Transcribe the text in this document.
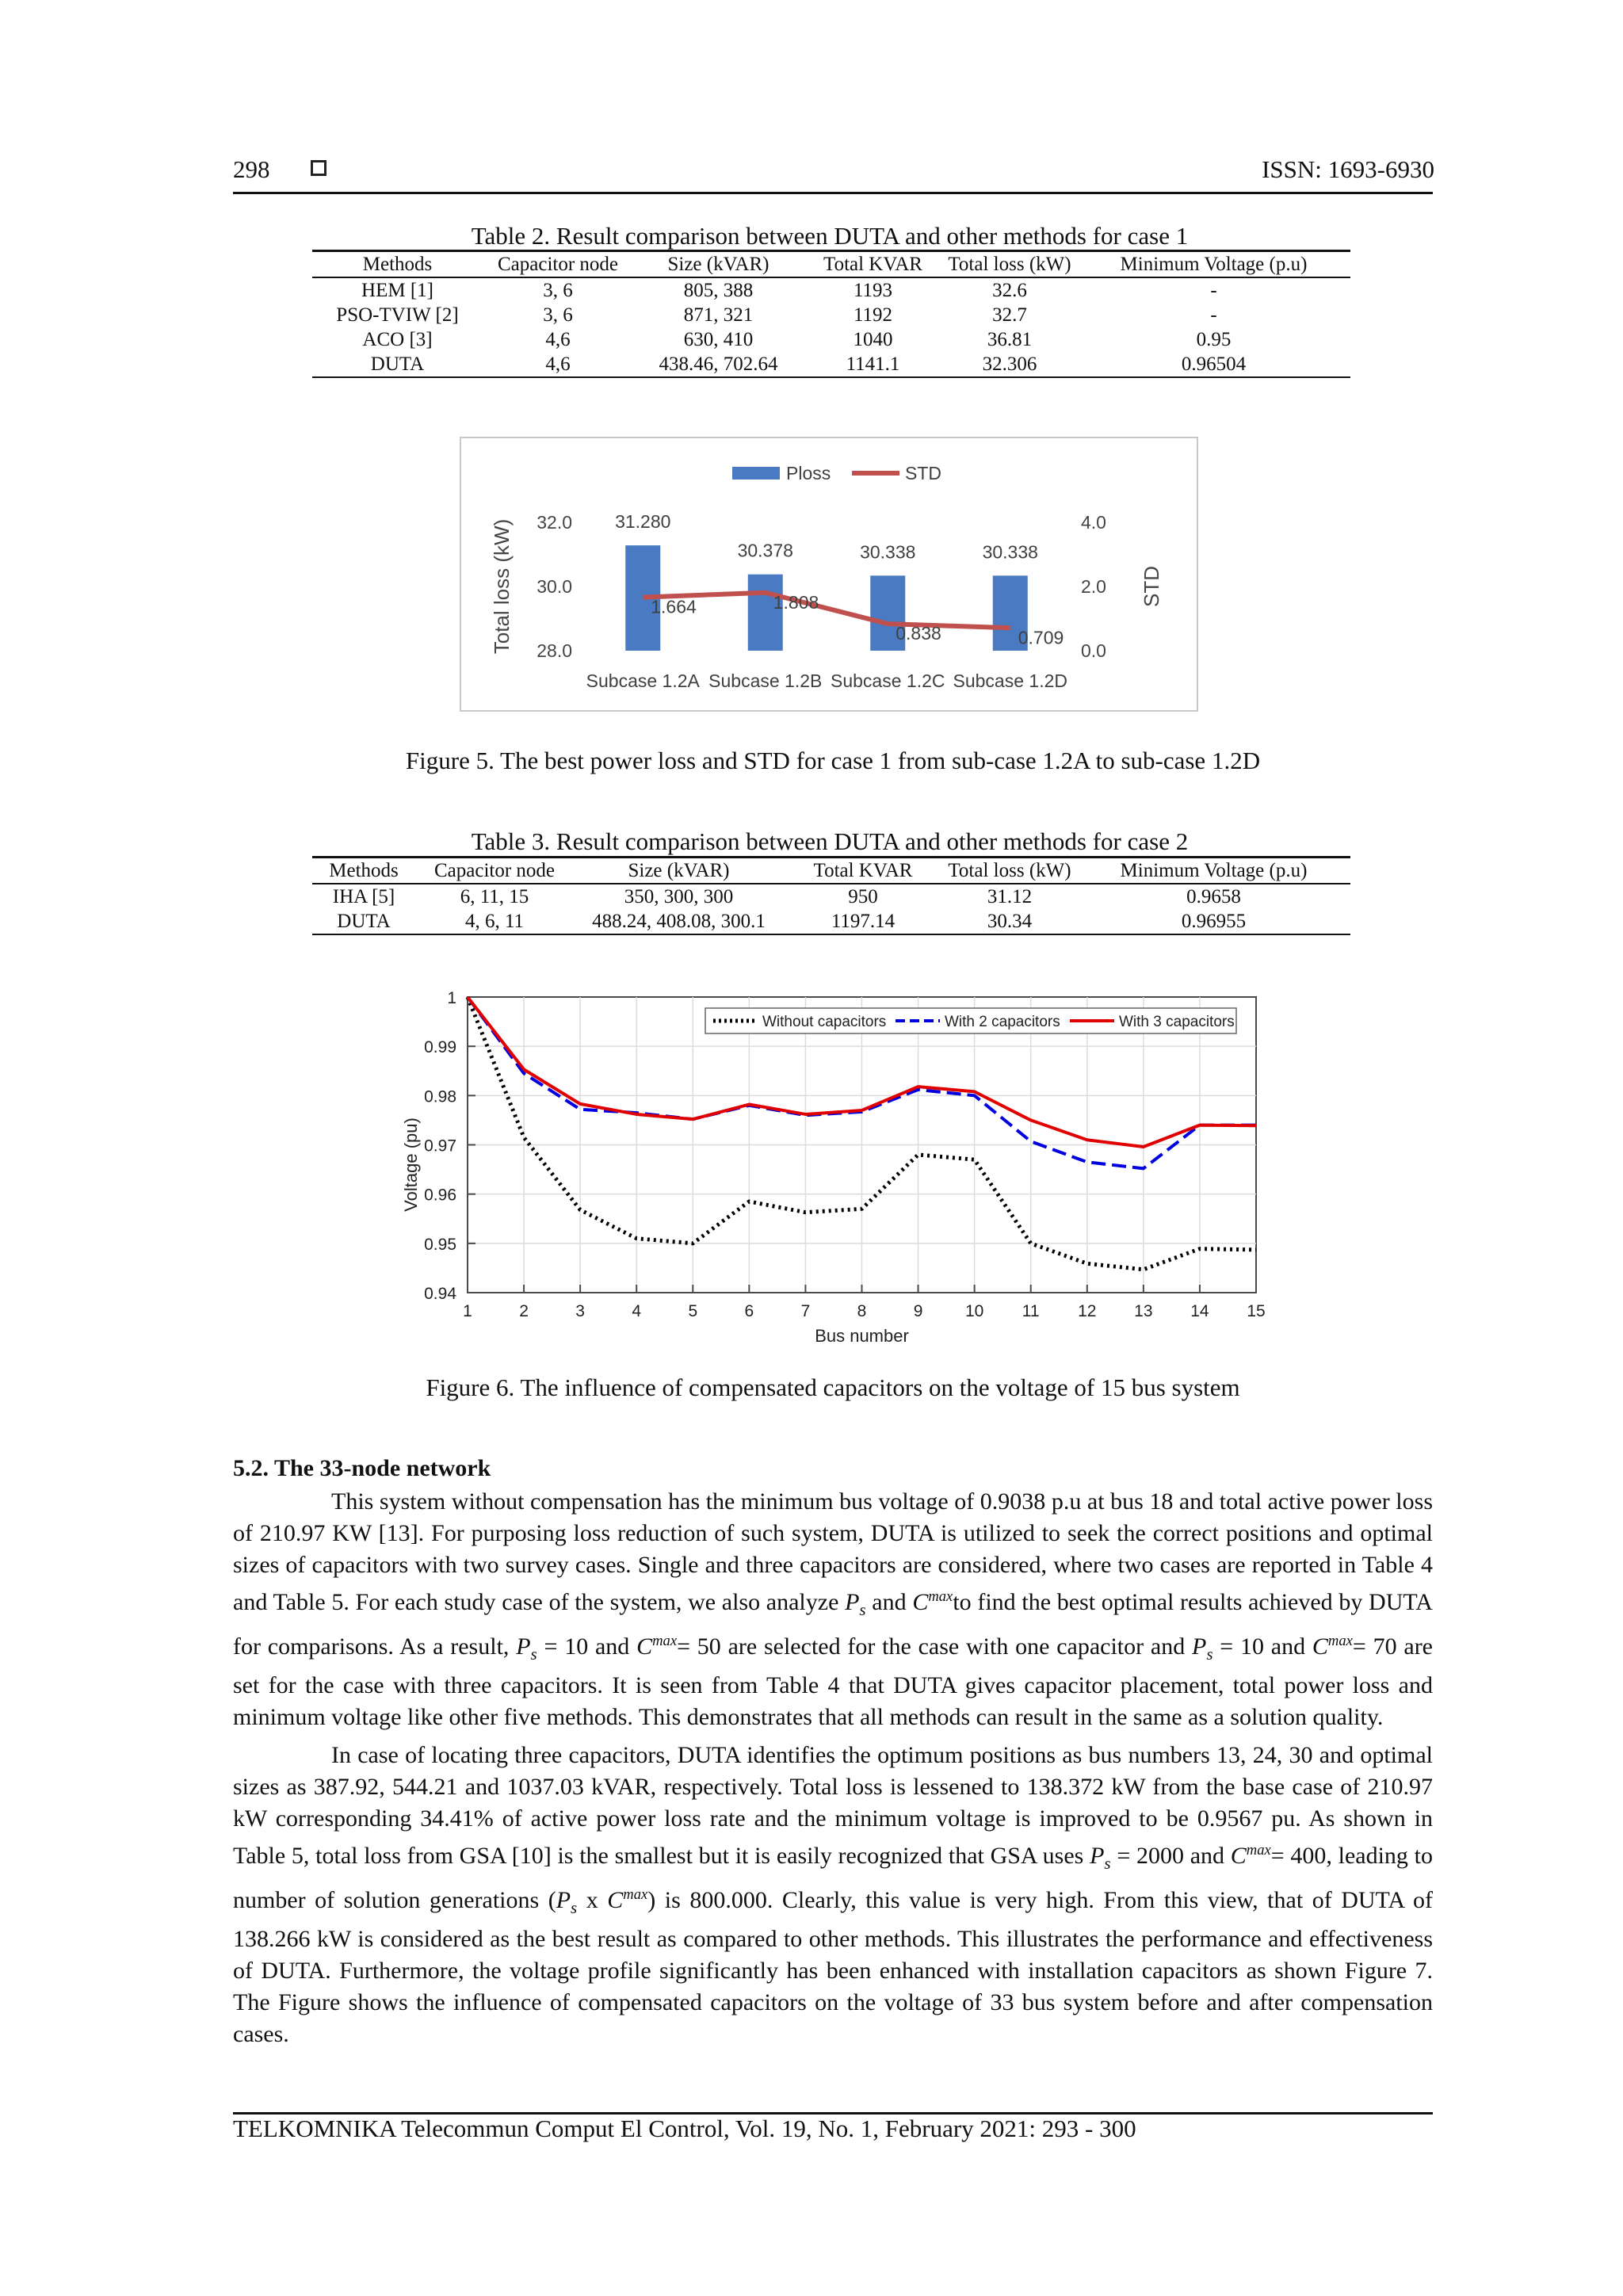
298	ISSN: 1693-6930
Table 2. Result comparison between DUTA and other methods for case 1
Methods	Capacitor node	Size (kVAR)	Total KVAR	Total loss (kW)	Minimum Voltage (p.u)
HEM [1]	3, 6	805, 388	1193	32.6	-
PSO-TVIW [2]	3, 6	871, 321	1192	32.7	-
ACO [3]	4,6	630, 410	1040	36.81	0.95
DUTA	4,6	438.46, 702.64	1141.1	32.306	0.96504
28.0
30.0
32.0
0.0
2.0
4.0
Total loss (kW)	STD
31.280
30.378	30.338	30.338
Subcase 1.2A Subcase 1.2B Subcase 1.2C Subcase 1.2D
1.664	1.808
0.838	0.709
Ploss	STD
Figure 5. The best power loss and STD for case 1 from sub-case 1.2A to sub-case 1.2D
Table 3. Result comparison between DUTA and other methods for case 2
Methods	Capacitor node	Size (kVAR)	Total KVAR	Total loss (kW)	Minimum Voltage (p.u)
IHA [5]	6, 11, 15	350, 300, 300	950	31.12	0.9658
DUTA	4, 6, 11	488.24, 408.08, 300.1	1197.14	30.34	0.96955
0.94
0.95
0.96
0.97
0.98
0.99
1
1	2	3	4	5	6	7	8	9	10 11 12 13 14 15
Bus number
Voltage (pu)
Without capacitors	With 2 capacitors	With 3 capacitors
Figure 6. The influence of compensated capacitors on the voltage of 15 bus system
5.2. The 33-node network
This system without compensation has the minimum bus voltage of 0.9038 p.u at bus 18 and total active power loss of 210.97 KW [13]. For purposing loss reduction of such system, DUTA is utilized to seek the correct positions and optimal sizes of capacitors with two survey cases. Single and three capacitors are considered, where two cases are reported in Table 4 and Table 5. For each study case of the system, we also analyze $P_s$ and $C^{max}to$ find the best optimal results achieved by DUTA for comparisons. As a result, $P_s = 10$ and $C^{max}= 50$ are selected for the case with one capacitor and $P_s = 10$ and $C^{max}= 70$ are set for the case with three capacitors. It is seen from Table 4 that DUTA gives capacitor placement, total power loss and minimum voltage like other five methods. This demonstrates that all methods can result in the same as a solution quality.
In case of locating three capacitors, DUTA identifies the optimum positions as bus numbers 13, 24, 30 and optimal sizes as 387.92, 544.21 and 1037.03 kVAR, respectively. Total loss is lessened to 138.372 kW from the base case of 210.97 kW corresponding 34.41% of active power loss rate and the minimum voltage is improved to be 0.9567 pu. As shown in Table 5, total loss from GSA [10] is the smallest but it is easily recognized that GSA uses $P_s = 2000$ and $C^{max}= 400$, leading to number of solution generations ($P_s$ x $C^{max}$) is 800.000. Clearly, this value is very high. From this view, that of DUTA of 138.266 kW is considered as the best result as compared to other methods. This illustrates the performance and effectiveness of DUTA. Furthermore, the voltage profile significantly has been enhanced with installation capacitors as shown Figure 7. The Figure shows the influence of compensated capacitors on the voltage of 33 bus system before and after compensation cases.
TELKOMNIKA Telecommun Comput El Control, Vol. 19, No. 1, February 2021: 293 - 300
